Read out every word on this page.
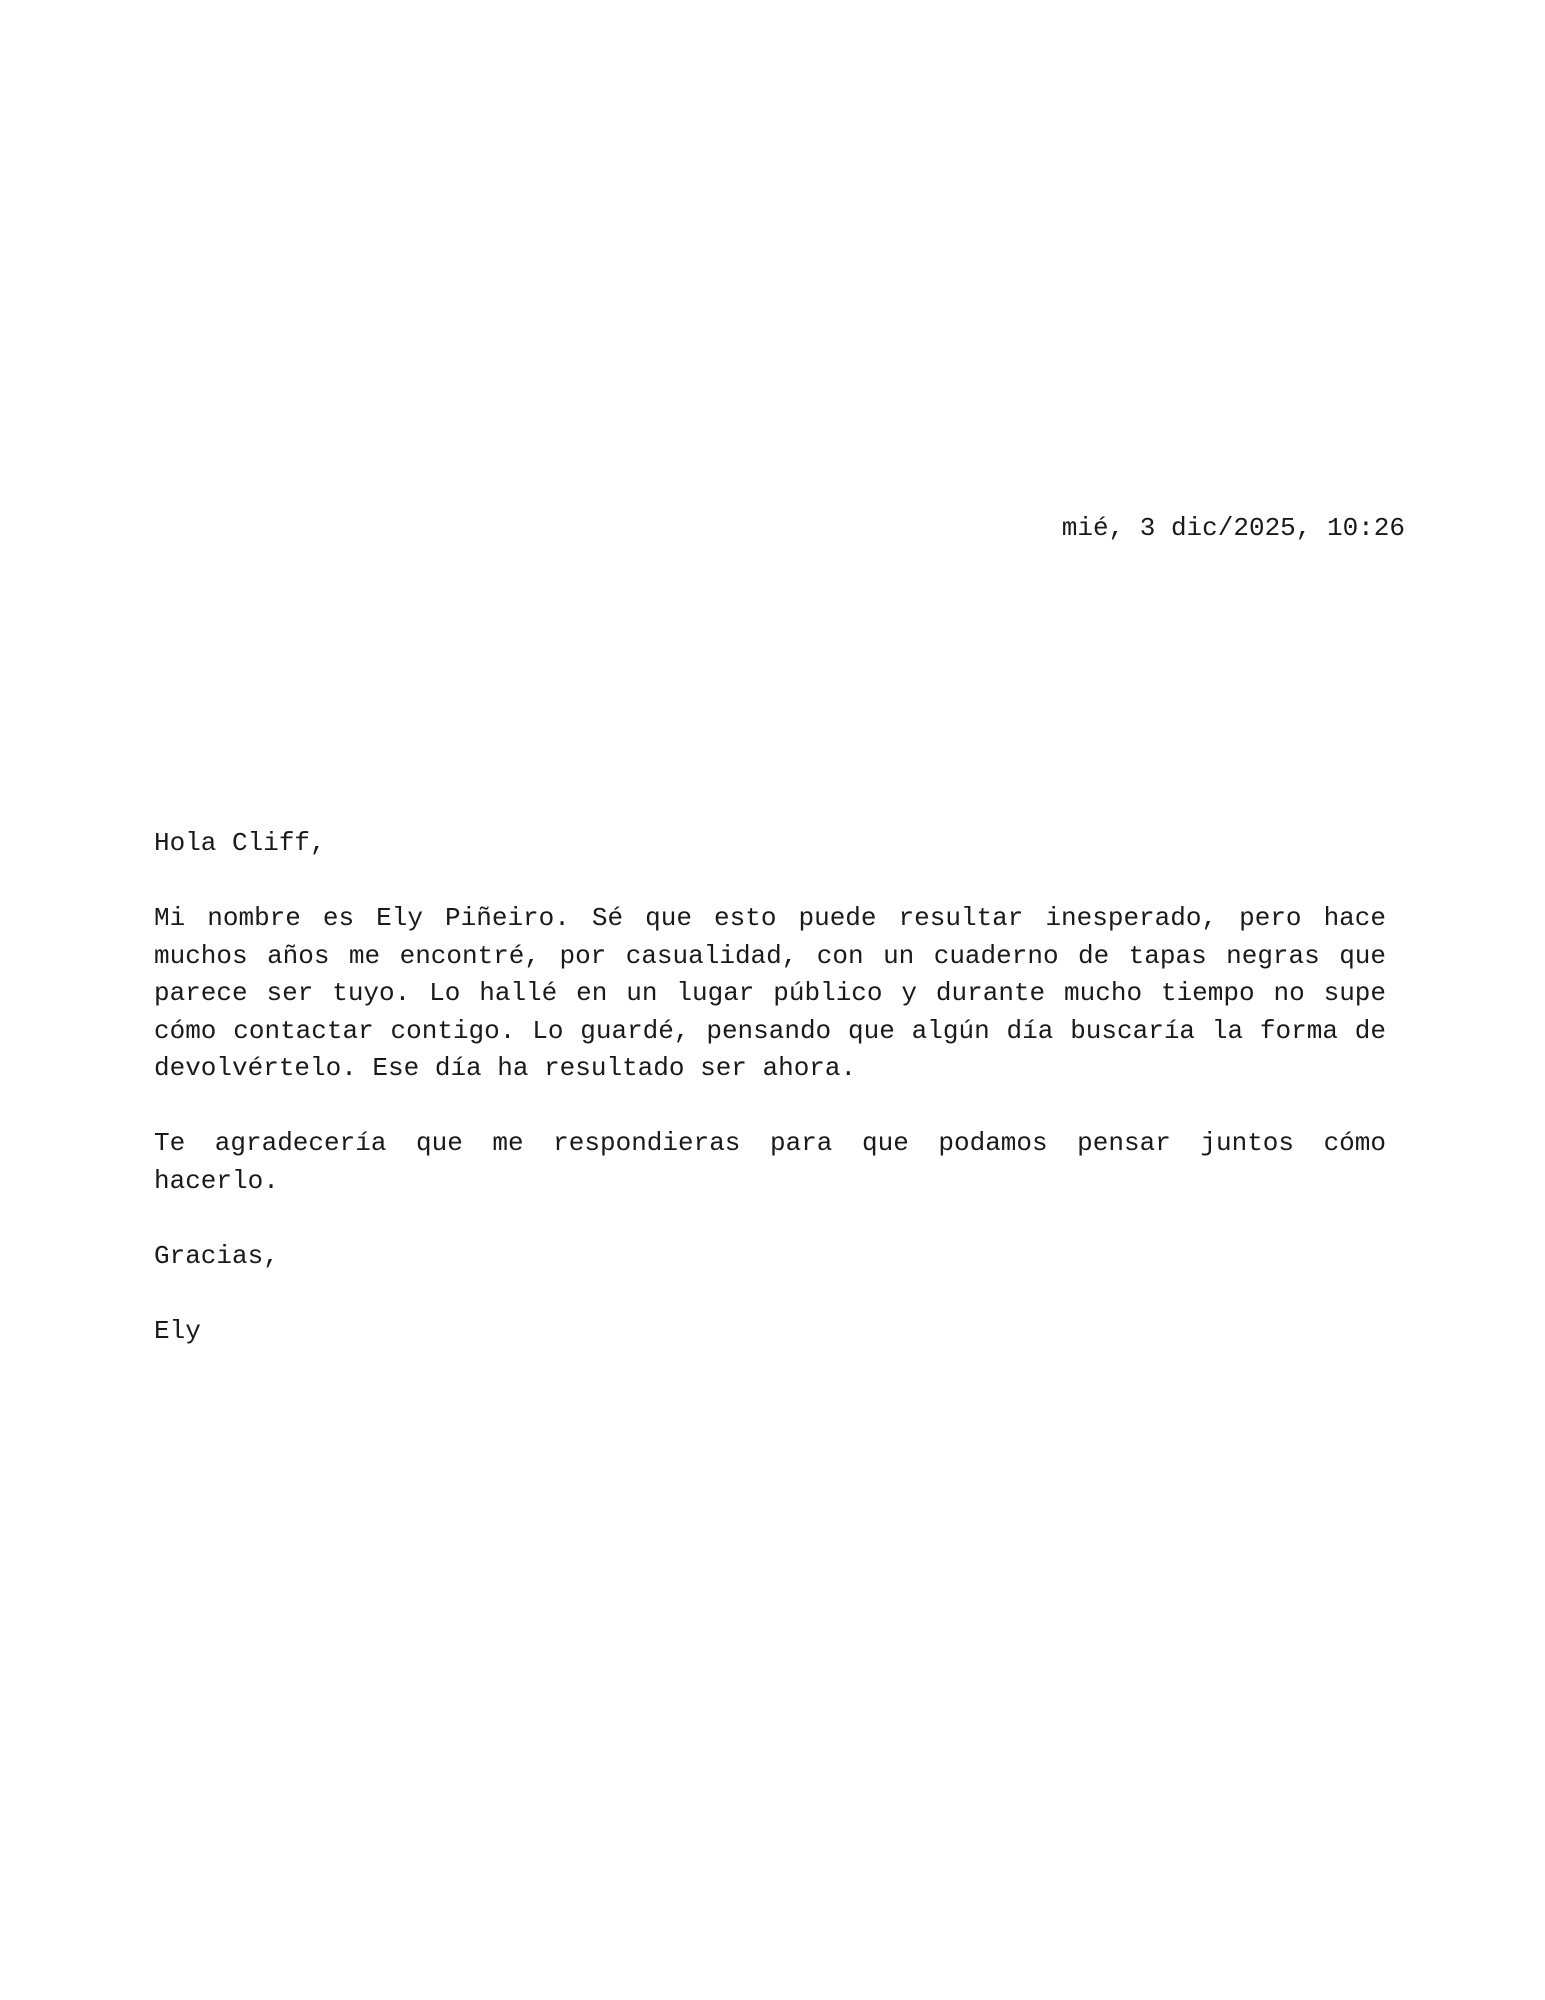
mié, 3 dic/2025, 10:26

Hola Cliff,

Mi nombre es Ely Piñeiro. Sé que esto puede resultar inesperado, pero hace muchos años me encontré, por casualidad, con un cuaderno de tapas negras que parece ser tuyo. Lo hallé en un lugar público y durante mucho tiempo no supe cómo contactar contigo. Lo guardé, pensando que algún día buscaría la forma de devolvértelo. Ese día ha resultado ser ahora.

Te agradecería que me respondieras para que podamos pensar juntos cómo hacerlo.

Gracias,

Ely
